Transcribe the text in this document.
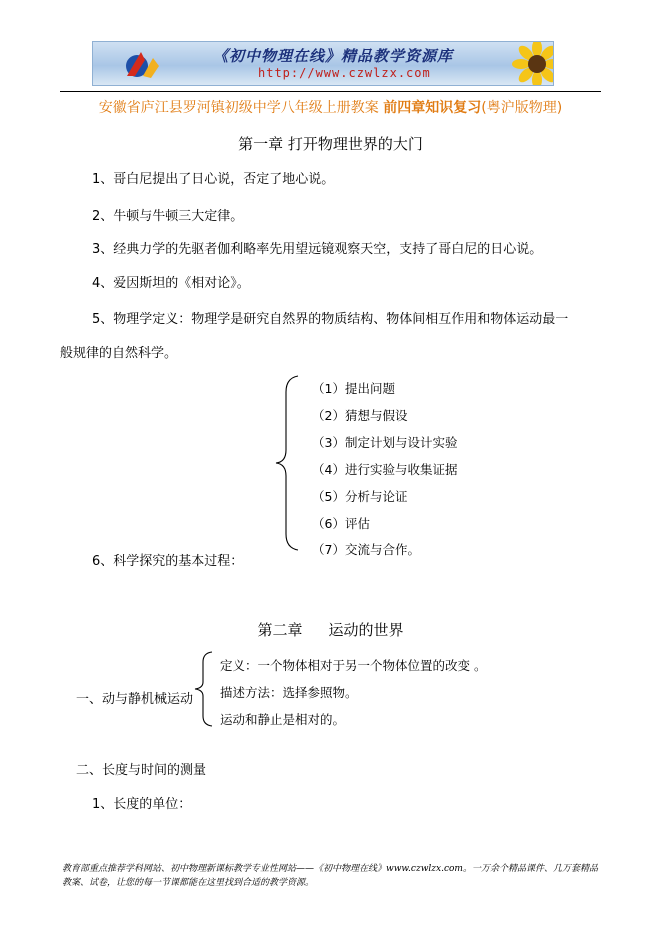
《初中物理在线》精品教学资源库
http://www.czwlzx.com
安徽省庐江县罗河镇初级中学八年级上册教案 前四章知识复习(粤沪版物理)
第一章 打开物理世界的大门
1、哥白尼提出了日心说，否定了地心说。
2、牛顿与牛顿三大定律。
3、经典力学的先驱者伽利略率先用望远镜观察天空，支持了哥白尼的日心说。
4、爱因斯坦的《相对论》。
5、物理学定义：物理学是研究自然界的物质结构、物体间相互作用和物体运动最一
般规律的自然科学。
（1）提出问题
（2）猜想与假设
（3）制定计划与设计实验
（4）进行实验与收集证据
（5）分析与论证
（6）评估
（7）交流与合作。
6、科学探究的基本过程：
第二章 运动的世界
一、动与静机械运动
定义：一个物体相对于另一个物体位置的改变 。
描述方法：选择参照物。
运动和静止是相对的。
二、长度与时间的测量
1、长度的单位：
教育部重点推荐学科网站、初中物理新课标教学专业性网站——《初中物理在线》www.czwlzx.com。一万余个精品课件、几万套精品教案、试卷，让您的每一节课都能在这里找到合适的教学资源。
